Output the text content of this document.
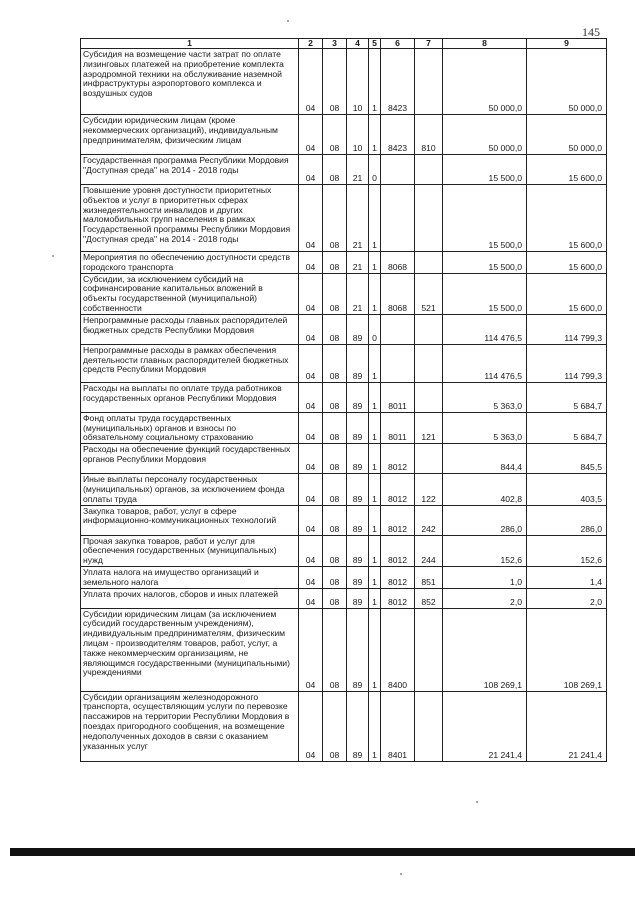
145
1	2	3	4	5	6	7	8	9
Субсидия на возмещение части затрат по оплате лизинговых платежей на приобретение комплекта аэродромной техники на обслуживание наземной инфраструктуры аэропортового комплекса и воздушных судов	04	08	10	1	8423		50 000,0	50 000,0
Субсидии юридическим лицам (кроме некоммерческих организаций), индивидуальным предпринимателям, физическим лицам	04	08	10	1	8423	810	50 000,0	50 000,0
Государственная программа Республики Мордовия "Доступная среда" на 2014 - 2018 годы	04	08	21	0			15 500,0	15 600,0
Повышение уровня доступности приоритетных объектов и услуг в приоритетных сферах жизнедеятельности инвалидов и других маломобильных групп населения в рамках Государственной программы Республики Мордовия "Доступная среда" на 2014 - 2018 годы	04	08	21	1			15 500,0	15 600,0
Мероприятия по обеспечению доступности средств городского транспорта	04	08	21	1	8068		15 500,0	15 600,0
Субсидии, за исключением субсидий на софинансирование капитальных вложений в объекты государственной (муниципальной) собственности	04	08	21	1	8068	521	15 500,0	15 600,0
Непрограммные расходы главных распорядителей бюджетных средств Республики Мордовия	04	08	89	0			114 476,5	114 799,3
Непрограммные расходы в рамках обеспечения деятельности главных распорядителей бюджетных средств Республики Мордовия	04	08	89	1			114 476,5	114 799,3
Расходы на выплаты по оплате труда работников государственных органов Республики Мордовия	04	08	89	1	8011		5 363,0	5 684,7
Фонд оплаты труда государственных (муниципальных) органов и взносы по обязательному социальному страхованию	04	08	89	1	8011	121	5 363,0	5 684,7
Расходы на обеспечение функций государственных органов Республики Мордовия	04	08	89	1	8012		844,4	845,5
Иные выплаты персоналу государственных (муниципальных) органов, за исключением фонда оплаты труда	04	08	89	1	8012	122	402,8	403,5
Закупка товаров, работ, услуг в сфере информационно-коммуникационных технологий	04	08	89	1	8012	242	286,0	286,0
Прочая закупка товаров, работ и услуг для обеспечения государственных (муниципальных) нужд	04	08	89	1	8012	244	152,6	152,6
Уплата налога на имущество организаций и земельного налога	04	08	89	1	8012	851	1,0	1,4
Уплата прочих налогов, сборов и иных платежей	04	08	89	1	8012	852	2,0	2,0
Субсидии юридическим лицам (за исключением субсидий государственным учреждениям), индивидуальным предпринимателям, физическим лицам - производителям товаров, работ, услуг, а также некоммерческим организациям, не являющимся государственными (муниципальными) учреждениями	04	08	89	1	8400		108 269,1	108 269,1
Субсидии организациям железнодорожного транспорта, осуществляющим услуги по перевозке пассажиров на территории Республики Мордовия в поездах пригородного сообщения, на возмещение недополученных доходов в связи с оказанием указанных услуг	04	08	89	1	8401		21 241,4	21 241,4
